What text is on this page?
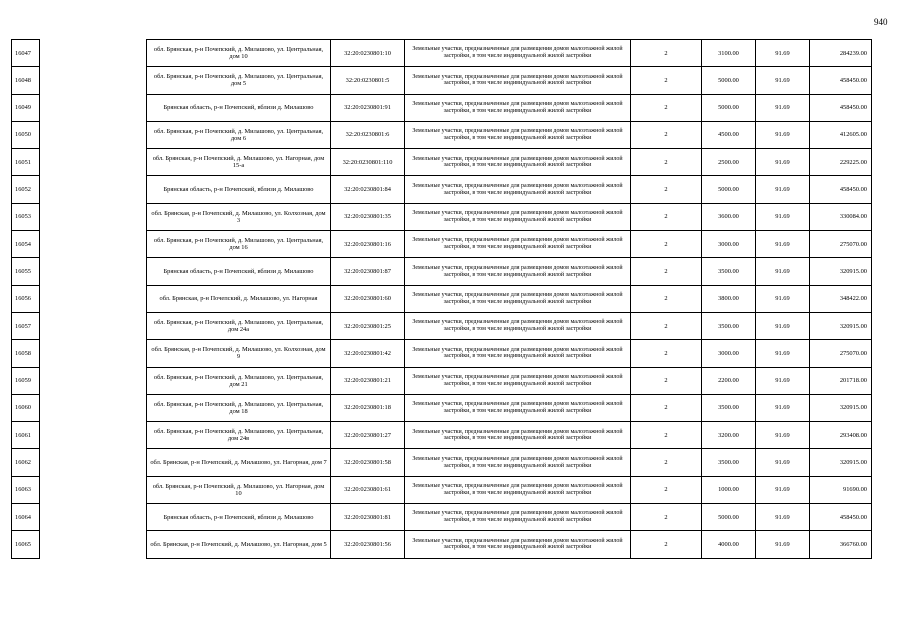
940
16047		обл. Брянская, р-н Почепский, д. Милашово, ул. Центральная, дом 10	32:20:0230801:10	Земельные участки, предназначенные для размещения домов малоэтажной жилой застройки, в том числе индивидуальной жилой застройки	2	3100.00	91.69	284239.00
16048		обл. Брянская, р-н Почепский, д. Милашово, ул. Центральная, дом 5	32:20:0230801:5	Земельные участки, предназначенные для размещения домов малоэтажной жилой застройки, в том числе индивидуальной жилой застройки	2	5000.00	91.69	458450.00
16049		Брянская область, р-н Почепский, вблизи д. Милашово	32:20:0230801:91	Земельные участки, предназначенные для размещения домов малоэтажной жилой застройки, в том числе индивидуальной жилой застройки	2	5000.00	91.69	458450.00
16050		обл. Брянская, р-н Почепский, д. Милашово, ул. Центральная, дом 6	32:20:0230801:6	Земельные участки, предназначенные для размещения домов малоэтажной жилой застройки, в том числе индивидуальной жилой застройки	2	4500.00	91.69	412605.00
16051		обл. Брянская, р-н Почепский, д. Милашово, ул. Нагорная, дом 15-а	32:20:0230801:110	Земельные участки, предназначенные для размещения домов малоэтажной жилой застройки, в том числе индивидуальной жилой застройки	2	2500.00	91.69	229225.00
16052		Брянская область, р-н Почепский, вблизи д. Милашово	32:20:0230801:84	Земельные участки, предназначенные для размещения домов малоэтажной жилой застройки, в том числе индивидуальной жилой застройки	2	5000.00	91.69	458450.00
16053		обл. Брянская, р-н Почепский, д. Милашово, ул. Колхозная, дом 3	32:20:0230801:35	Земельные участки, предназначенные для размещения домов малоэтажной жилой застройки, в том числе индивидуальной жилой застройки	2	3600.00	91.69	330084.00
16054		обл. Брянская, р-н Почепский, д. Милашово, ул. Центральная, дом 16	32:20:0230801:16	Земельные участки, предназначенные для размещения домов малоэтажной жилой застройки, в том числе индивидуальной жилой застройки	2	3000.00	91.69	275070.00
16055		Брянская область, р-н Почепский, вблизи д. Милашово	32:20:0230801:87	Земельные участки, предназначенные для размещения домов малоэтажной жилой застройки, в том числе индивидуальной жилой застройки	2	3500.00	91.69	320915.00
16056		обл. Брянская, р-н Почепский, д. Милашово, ул. Нагорная	32:20:0230801:60	Земельные участки, предназначенные для размещения домов малоэтажной жилой застройки, в том числе индивидуальной жилой застройки	2	3800.00	91.69	348422.00
16057		обл. Брянская, р-н Почепский, д. Милашово, ул. Центральная, дом 24а	32:20:0230801:25	Земельные участки, предназначенные для размещения домов малоэтажной жилой застройки, в том числе индивидуальной жилой застройки	2	3500.00	91.69	320915.00
16058		обл. Брянская, р-н Почепский, д. Милашово, ул. Колхозная, дом 9	32:20:0230801:42	Земельные участки, предназначенные для размещения домов малоэтажной жилой застройки, в том числе индивидуальной жилой застройки	2	3000.00	91.69	275070.00
16059		обл. Брянская, р-н Почепский, д. Милашово, ул. Центральная, дом 21	32:20:0230801:21	Земельные участки, предназначенные для размещения домов малоэтажной жилой застройки, в том числе индивидуальной жилой застройки	2	2200.00	91.69	201718.00
16060		обл. Брянская, р-н Почепский, д. Милашово, ул. Центральная, дом 18	32:20:0230801:18	Земельные участки, предназначенные для размещения домов малоэтажной жилой застройки, в том числе индивидуальной жилой застройки	2	3500.00	91.69	320915.00
16061		обл. Брянская, р-н Почепский, д. Милашово, ул. Центральная, дом 24в	32:20:0230801:27	Земельные участки, предназначенные для размещения домов малоэтажной жилой застройки, в том числе индивидуальной жилой застройки	2	3200.00	91.69	293408.00
16062		обл. Брянская, р-н Почепский, д. Милашово, ул. Нагорная, дом 7	32:20:0230801:58	Земельные участки, предназначенные для размещения домов малоэтажной жилой застройки, в том числе индивидуальной жилой застройки	2	3500.00	91.69	320915.00
16063		обл. Брянская, р-н Почепский, д. Милашово, ул. Нагорная, дом 10	32:20:0230801:61	Земельные участки, предназначенные для размещения домов малоэтажной жилой застройки, в том числе индивидуальной жилой застройки	2	1000.00	91.69	91690.00
16064		Брянская область, р-н Почепский, вблизи д. Милашово	32:20:0230801:81	Земельные участки, предназначенные для размещения домов малоэтажной жилой застройки, в том числе индивидуальной жилой застройки	2	5000.00	91.69	458450.00
16065		обл. Брянская, р-н Почепский, д. Милашово, ул. Нагорная, дом 5	32:20:0230801:56	Земельные участки, предназначенные для размещения домов малоэтажной жилой застройки, в том числе индивидуальной жилой застройки	2	4000.00	91.69	366760.00
